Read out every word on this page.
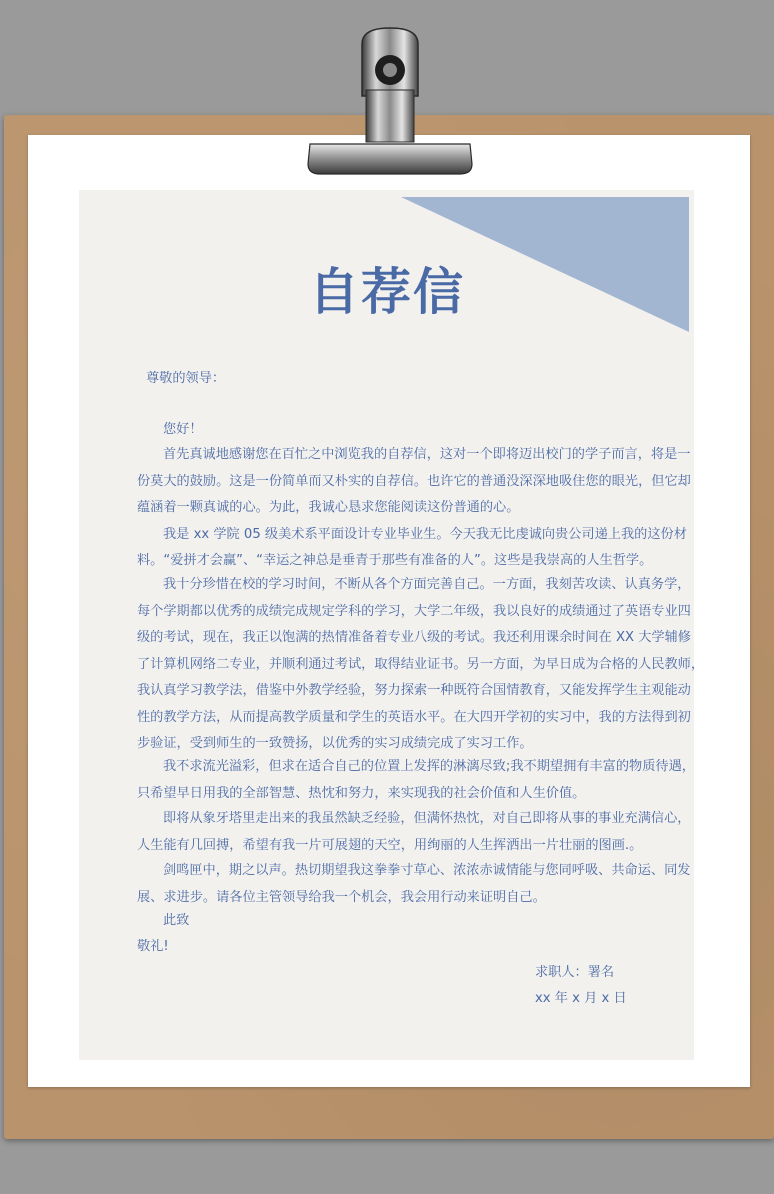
自荐信
尊敬的领导：
您好！
首先真诚地感谢您在百忙之中浏览我的自荐信，这对一个即将迈出校门的学子而言，将是一
份莫大的鼓励。这是一份简单而又朴实的自荐信。也许它的普通没深深地吸住您的眼光，但它却
蕴涵着一颗真诚的心。为此，我诚心恳求您能阅读这份普通的心。
我是 xx 学院 05 级美术系平面设计专业毕业生。今天我无比虔诚向贵公司递上我的这份材
料。“爱拼才会赢”、“幸运之神总是垂青于那些有准备的人”。这些是我崇高的人生哲学。
我十分珍惜在校的学习时间，不断从各个方面完善自己。一方面，我刻苦攻读、认真务学，
每个学期都以优秀的成绩完成规定学科的学习，大学二年级，我以良好的成绩通过了英语专业四
级的考试，现在，我正以饱满的热情准备着专业八级的考试。我还利用课余时间在 XX 大学辅修
了计算机网络二专业，并顺利通过考试，取得结业证书。另一方面，为早日成为合格的人民教师，
我认真学习教学法，借鉴中外教学经验，努力探索一种既符合国情教育，又能发挥学生主观能动
性的教学方法，从而提高教学质量和学生的英语水平。在大四开学初的实习中，我的方法得到初
步验证，受到师生的一致赞扬，以优秀的实习成绩完成了实习工作。
我不求流光溢彩，但求在适合自己的位置上发挥的淋漓尽致;我不期望拥有丰富的物质待遇，
只希望早日用我的全部智慧、热忱和努力，来实现我的社会价值和人生价值。
即将从象牙塔里走出来的我虽然缺乏经验，但满怀热忱，对自己即将从事的事业充满信心，
人生能有几回搏，希望有我一片可展翅的天空，用绚丽的人生挥洒出一片壮丽的图画.。
剑鸣匣中，期之以声。热切期望我这拳拳寸草心、浓浓赤诚情能与您同呼吸、共命运、同发
展、求进步。请各位主管领导给我一个机会，我会用行动来证明自己。
此致
敬礼!
求职人：署名
xx 年 x 月 x 日
